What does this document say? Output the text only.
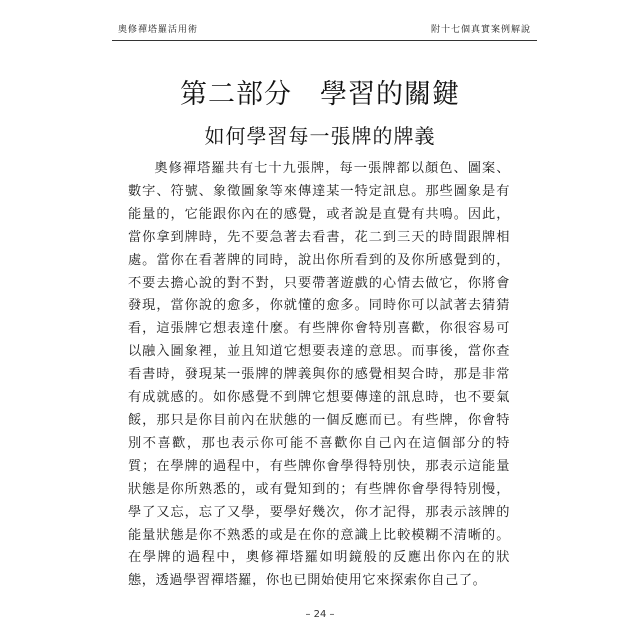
奧修禪塔羅活用術	附十七個真實案例解說
第二部分　學習的關鍵
如何學習每一張牌的牌義

奧修禪塔羅共有七十九張牌，每一張牌都以顏色、圖案、數字、符號、象徵圖象等來傳達某一特定訊息。那些圖象是有能量的，它能跟你內在的感覺，或者說是直覺有共鳴。因此，當你拿到牌時，先不要急著去看書，花二到三天的時間跟牌相處。當你在看著牌的同時，說出你所看到的及你所感覺到的，不要去擔心說的對不對，只要帶著遊戲的心情去做它，你將會發現，當你說的愈多，你就懂的愈多。同時你可以試著去猜猜看，這張牌它想表達什麼。有些牌你會特別喜歡，你很容易可以融入圖象裡，並且知道它想要表達的意思。而事後，當你查看書時，發現某一張牌的牌義與你的感覺相契合時，那是非常有成就感的。如你感覺不到牌它想要傳達的訊息時，也不要氣餒，那只是你目前內在狀態的一個反應而已。有些牌，你會特別不喜歡，那也表示你可能不喜歡你自己內在這個部分的特質；在學牌的過程中，有些牌你會學得特別快，那表示這能量狀態是你所熟悉的，或有覺知到的；有些牌你會學得特別慢，學了又忘，忘了又學，要學好幾次，你才記得，那表示該牌的能量狀態是你不熟悉的或是在你的意識上比較模糊不清晰的。在學牌的過程中，奧修禪塔羅如明鏡般的反應出你內在的狀態，透過學習禪塔羅，你也已開始使用它來探索你自己了。

– 24 –
